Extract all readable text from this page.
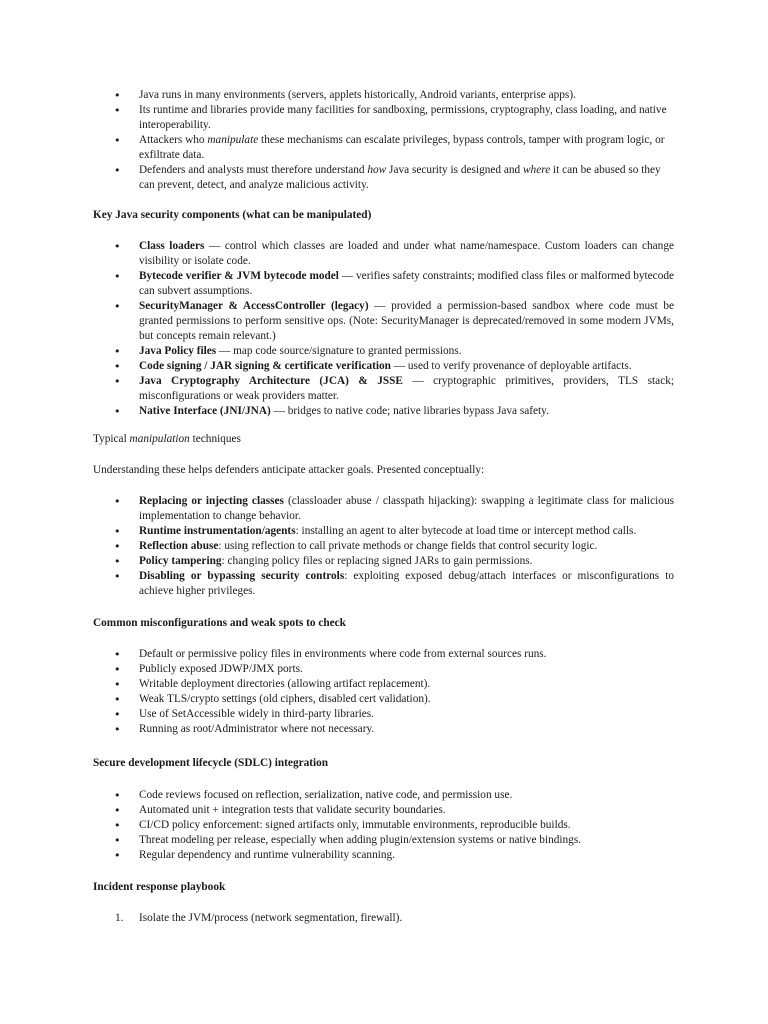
• Java runs in many environments (servers, applets historically, Android variants, enterprise apps).
• Its runtime and libraries provide many facilities for sandboxing, permissions, cryptography, class loading, and native interoperability.
• Attackers who manipulate these mechanisms can escalate privileges, bypass controls, tamper with program logic, or exfiltrate data.
• Defenders and analysts must therefore understand how Java security is designed and where it can be abused so they can prevent, detect, and analyze malicious activity.

Key Java security components (what can be manipulated)

• Class loaders — control which classes are loaded and under what name/namespace. Custom loaders can change visibility or isolate code.
• Bytecode verifier & JVM bytecode model — verifies safety constraints; modified class files or malformed bytecode can subvert assumptions.
• SecurityManager & AccessController (legacy) — provided a permission-based sandbox where code must be granted permissions to perform sensitive ops. (Note: SecurityManager is deprecated/removed in some modern JVMs, but concepts remain relevant.)
• Java Policy files — map code source/signature to granted permissions.
• Code signing / JAR signing & certificate verification — used to verify provenance of deployable artifacts.
• Java Cryptography Architecture (JCA) & JSSE — cryptographic primitives, providers, TLS stack; misconfigurations or weak providers matter.
• Native Interface (JNI/JNA) — bridges to native code; native libraries bypass Java safety.

Typical manipulation techniques

Understanding these helps defenders anticipate attacker goals. Presented conceptually:

• Replacing or injecting classes (classloader abuse / classpath hijacking): swapping a legitimate class for malicious implementation to change behavior.
• Runtime instrumentation/agents: installing an agent to alter bytecode at load time or intercept method calls.
• Reflection abuse: using reflection to call private methods or change fields that control security logic.
• Policy tampering: changing policy files or replacing signed JARs to gain permissions.
• Disabling or bypassing security controls: exploiting exposed debug/attach interfaces or misconfigurations to achieve higher privileges.

Common misconfigurations and weak spots to check

• Default or permissive policy files in environments where code from external sources runs.
• Publicly exposed JDWP/JMX ports.
• Writable deployment directories (allowing artifact replacement).
• Weak TLS/crypto settings (old ciphers, disabled cert validation).
• Use of SetAccessible widely in third-party libraries.
• Running as root/Administrator where not necessary.

Secure development lifecycle (SDLC) integration

• Code reviews focused on reflection, serialization, native code, and permission use.
• Automated unit + integration tests that validate security boundaries.
• CI/CD policy enforcement: signed artifacts only, immutable environments, reproducible builds.
• Threat modeling per release, especially when adding plugin/extension systems or native bindings.
• Regular dependency and runtime vulnerability scanning.

Incident response playbook

1. Isolate the JVM/process (network segmentation, firewall).
